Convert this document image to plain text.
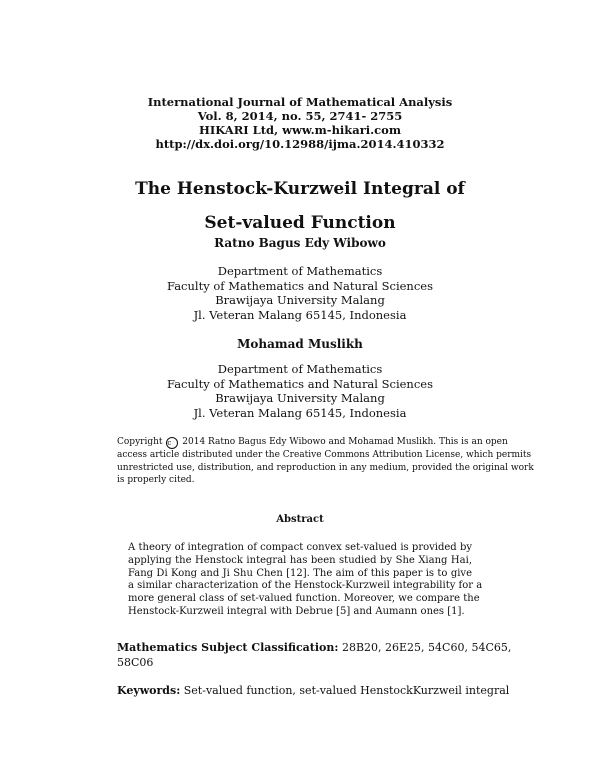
International Journal of Mathematical Analysis
Vol. 8, 2014, no. 55, 2741- 2755
HIKARI Ltd, www.m-hikari.com
http://dx.doi.org/10.12988/ijma.2014.410332
The Henstock-Kurzweil Integral of
Set-valued Function
Ratno Bagus Edy Wibowo
Department of Mathematics
Faculty of Mathematics and Natural Sciences
Brawijaya University Malang
Jl. Veteran Malang 65145, Indonesia
Mohamad Muslikh
Department of Mathematics
Faculty of Mathematics and Natural Sciences
Brawijaya University Malang
Jl. Veteran Malang 65145, Indonesia
Copyright c 2014 Ratno Bagus Edy Wibowo and Mohamad Muslikh. This is an open
access article distributed under the Creative Commons Attribution License, which permits
unrestricted use, distribution, and reproduction in any medium, provided the original work
is properly cited.
Abstract
A theory of integration of compact convex set-valued is provided by
applying the Henstock integral has been studied by She Xiang Hai,
Fang Di Kong and Ji Shu Chen [12]. The aim of this paper is to give
a similar characterization of the Henstock-Kurzweil integrability for a
more general class of set-valued function. Moreover, we compare the
Henstock-Kurzweil integral with Debrue [5] and Aumann ones [1].
Mathematics Subject Classification: 28B20, 26E25, 54C60, 54C65,
58C06
Keywords: Set-valued function, set-valued HenstockKurzweil integral
